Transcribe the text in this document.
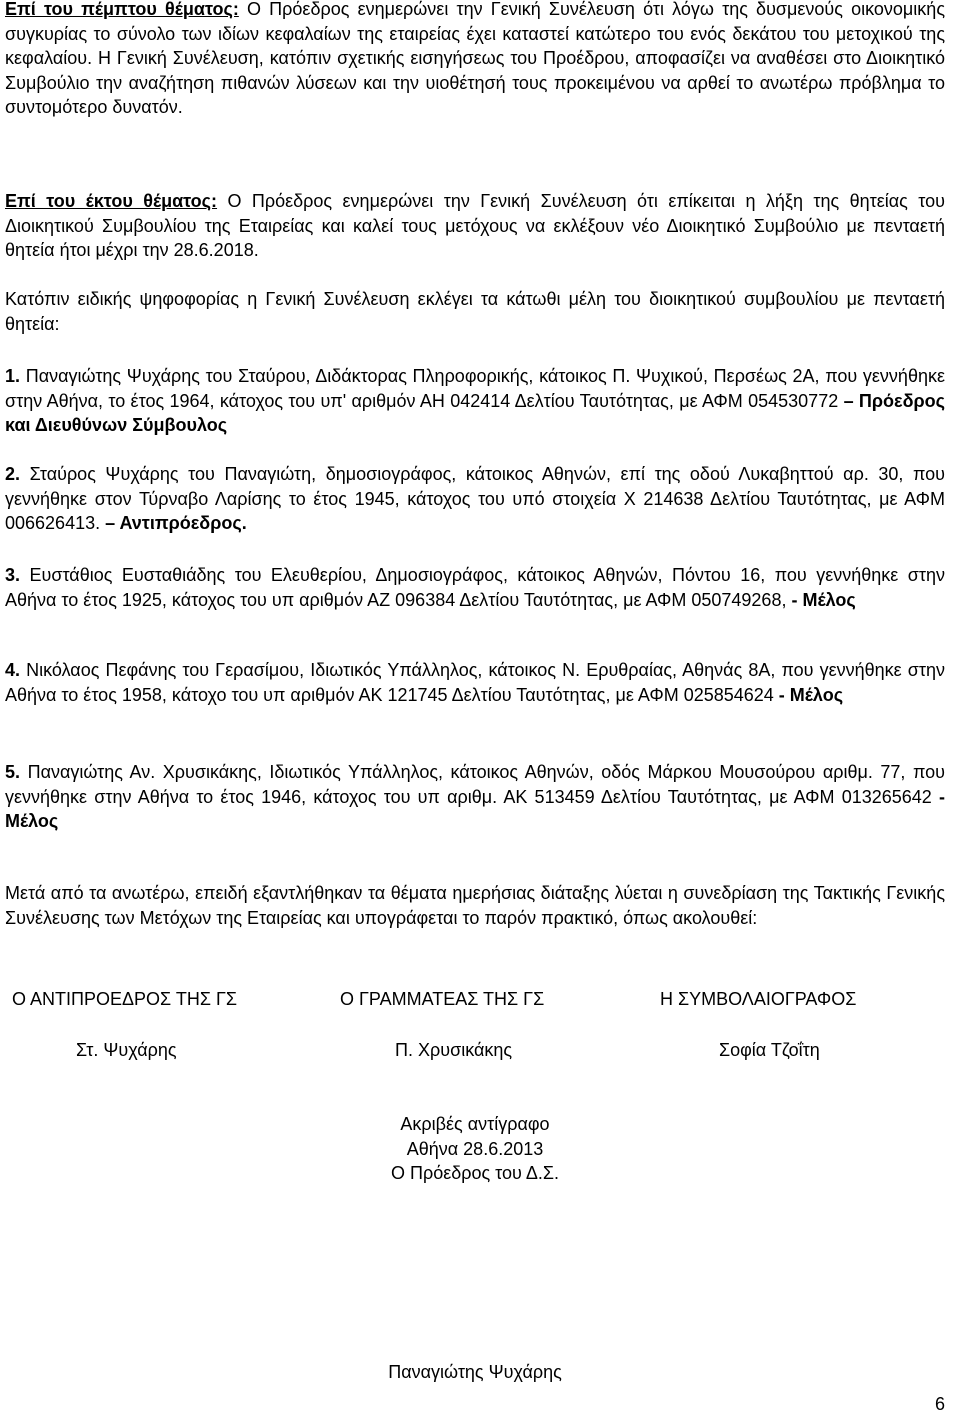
Επί του πέμπτου θέματος: Ο Πρόεδρος ενημερώνει την Γενική Συνέλευση ότι λόγω της δυσμενούς οικονομικής συγκυρίας το σύνολο των ιδίων κεφαλαίων της εταιρείας έχει καταστεί κατώτερο του ενός δεκάτου του μετοχικού της κεφαλαίου. Η Γενική Συνέλευση, κατόπιν σχετικής εισηγήσεως του Προέδρου, αποφασίζει να αναθέσει στο Διοικητικό Συμβούλιο την αναζήτηση πιθανών λύσεων και την υιοθέτησή τους προκειμένου να αρθεί το ανωτέρω πρόβλημα το συντομότερο δυνατόν.

Επί του έκτου θέματος: Ο Πρόεδρος ενημερώνει την Γενική Συνέλευση ότι επίκειται η λήξη της θητείας του Διοικητικού Συμβουλίου της Εταιρείας και καλεί τους μετόχους να εκλέξουν νέο Διοικητικό Συμβούλιο με πενταετή θητεία ήτοι μέχρι την 28.6.2018.

Κατόπιν ειδικής ψηφοφορίας η Γενική Συνέλευση εκλέγει τα κάτωθι μέλη του διοικητικού συμβουλίου με πενταετή θητεία:

1. Παναγιώτης Ψυχάρης του Σταύρου, Διδάκτορας Πληροφορικής, κάτοικος Π. Ψυχικού, Περσέως 2Α, που γεννήθηκε στην Αθήνα, το έτος 1964, κάτοχος του υπ' αριθμόν ΑΗ 042414 Δελτίου Ταυτότητας, με ΑΦΜ 054530772 – Πρόεδρος και Διευθύνων Σύμβουλος

2. Σταύρος Ψυχάρης του Παναγιώτη, δημοσιογράφος, κάτοικος Αθηνών, επί της οδού Λυκαβηττού αρ. 30, που γεννήθηκε στον Τύρναβο Λαρίσης το έτος 1945, κάτοχος του υπό στοιχεία Χ 214638 Δελτίου Ταυτότητας, με ΑΦΜ 006626413. – Αντιπρόεδρος.

3. Ευστάθιος Ευσταθιάδης του Ελευθερίου, Δημοσιογράφος, κάτοικος Αθηνών, Πόντου 16, που γεννήθηκε στην Αθήνα το έτος 1925, κάτοχος του υπ αριθμόν ΑΖ 096384 Δελτίου Ταυτότητας, με ΑΦΜ 050749268, - Μέλος

4. Νικόλαος Πεφάνης του Γερασίμου, Ιδιωτικός Υπάλληλος, κάτοικος Ν. Ερυθραίας, Αθηνάς 8Α, που γεννήθηκε στην Αθήνα το έτος 1958, κάτοχο του υπ αριθμόν ΑΚ 121745 Δελτίου Ταυτότητας, με ΑΦΜ 025854624 - Μέλος

5. Παναγιώτης Αν. Χρυσικάκης, Ιδιωτικός Υπάλληλος, κάτοικος Αθηνών, οδός Μάρκου Μουσούρου αριθμ. 77, που γεννήθηκε στην Αθήνα το έτος 1946, κάτοχος του υπ αριθμ. ΑΚ 513459 Δελτίου Ταυτότητας, με ΑΦΜ 013265642 - Μέλος

Μετά από τα ανωτέρω, επειδή εξαντλήθηκαν τα θέματα ημερήσιας διάταξης λύεται η συνεδρίαση της Τακτικής Γενικής Συνέλευσης των Μετόχων της Εταιρείας και υπογράφεται το παρόν πρακτικό, όπως ακολουθεί:

Ο ΑΝΤΙΠΡΟΕΔΡΟΣ ΤΗΣ ΓΣ	Ο ΓΡΑΜΜΑΤΕΑΣ ΤΗΣ ΓΣ	Η ΣΥΜΒΟΛΑΙΟΓΡΑΦΟΣ
Στ. Ψυχάρης	Π. Χρυσικάκης	Σοφία Τζοΐτη
Ακριβές αντίγραφο
Αθήνα 28.6.2013
Ο Πρόεδρος του Δ.Σ.
Παναγιώτης Ψυχάρης
6
